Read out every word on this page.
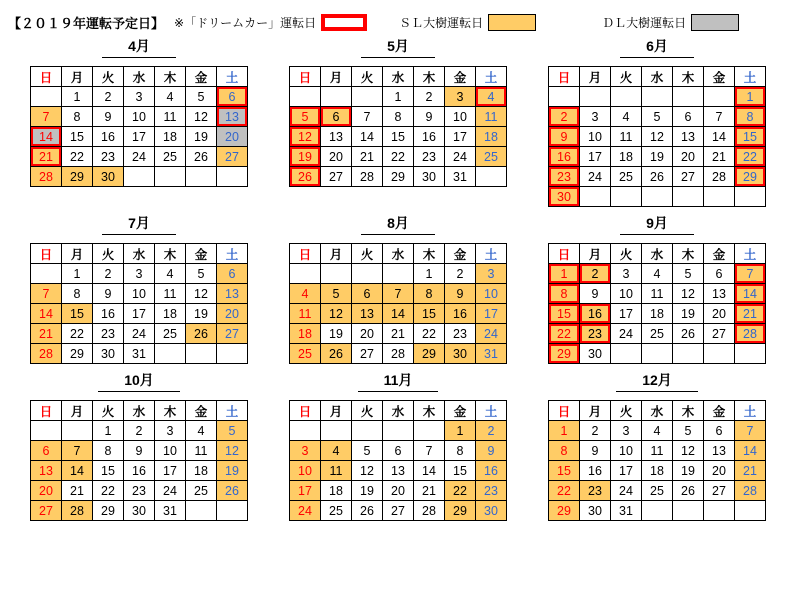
【２０１９年運転予定日】 ※「ドリームカー」運転日	ＳＬ大樹運転日	ＤＬ大樹運転日
4月
日	月	火	水	木	金	土
	1	2	3	4	5	6
7	8	9	10	11	12	13
14	15	16	17	18	19	20
21	22	23	24	25	26	27
28	29	30				
5月
日	月	火	水	木	金	土
			1	2	3	4
5	6	7	8	9	10	11
12	13	14	15	16	17	18
19	20	21	22	23	24	25
26	27	28	29	30	31	
6月
日	月	火	水	木	金	土
						1
2	3	4	5	6	7	8
9	10	11	12	13	14	15
16	17	18	19	20	21	22
23	24	25	26	27	28	29
30						
7月
日	月	火	水	木	金	土
	1	2	3	4	5	6
7	8	9	10	11	12	13
14	15	16	17	18	19	20
21	22	23	24	25	26	27
28	29	30	31			
8月
日	月	火	水	木	金	土
				1	2	3
4	5	6	7	8	9	10
11	12	13	14	15	16	17
18	19	20	21	22	23	24
25	26	27	28	29	30	31
9月
日	月	火	水	木	金	土
1	2	3	4	5	6	7
8	9	10	11	12	13	14
15	16	17	18	19	20	21
22	23	24	25	26	27	28
29	30					
10月
日	月	火	水	木	金	土
		1	2	3	4	5
6	7	8	9	10	11	12
13	14	15	16	17	18	19
20	21	22	23	24	25	26
27	28	29	30	31		
11月
日	月	火	水	木	金	土
					1	2
3	4	5	6	7	8	9
10	11	12	13	14	15	16
17	18	19	20	21	22	23
24	25	26	27	28	29	30
12月
日	月	火	水	木	金	土
1	2	3	4	5	6	7
8	9	10	11	12	13	14
15	16	17	18	19	20	21
22	23	24	25	26	27	28
29	30	31				
